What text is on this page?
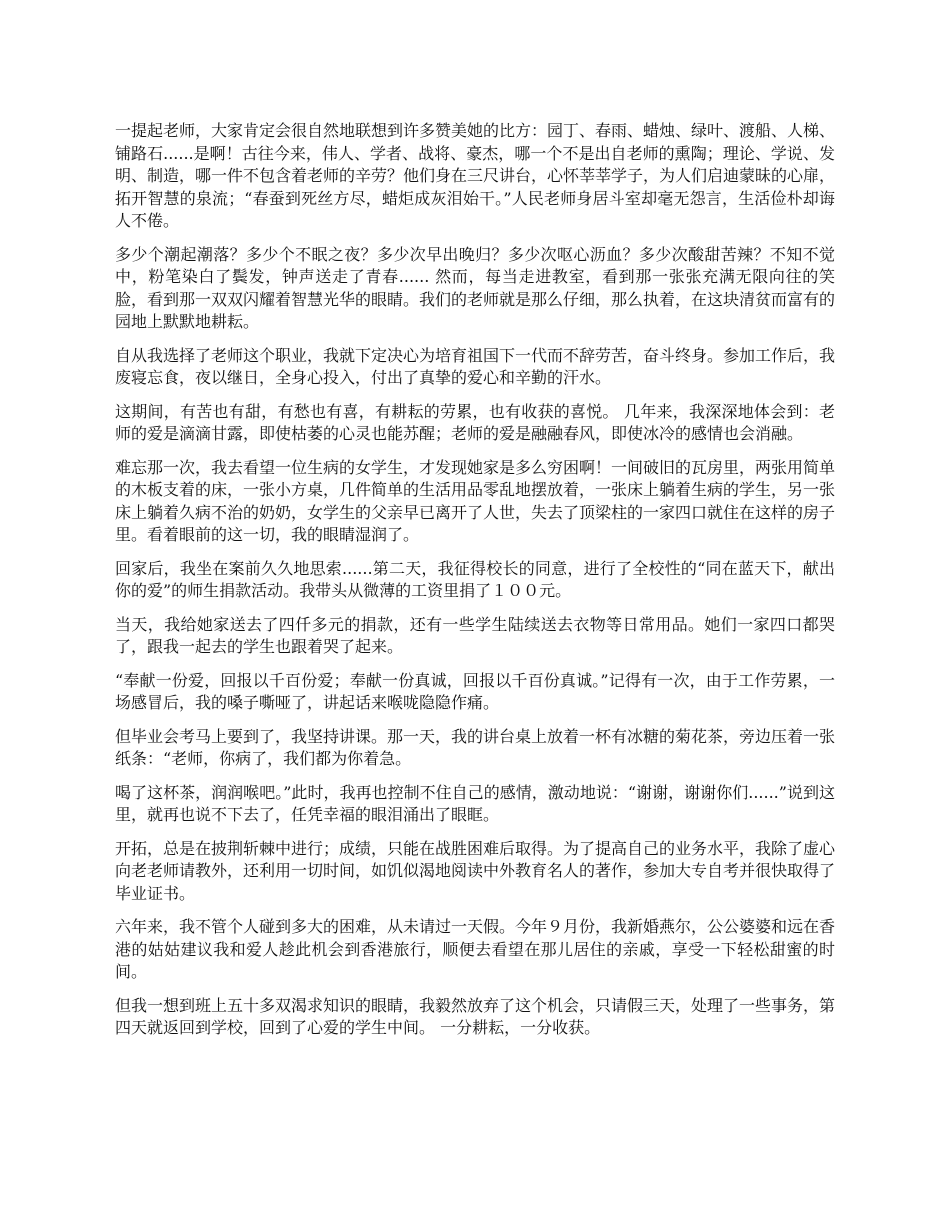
一提起老师，大家肯定会很自然地联想到许多赞美她的比方：园丁、春雨、蜡烛、绿叶、渡船、人梯、铺路石......是啊！古往今来，伟人、学者、战将、豪杰，哪一个不是出自老师的熏陶；理论、学说、发明、制造，哪一件不包含着老师的辛劳？他们身在三尺讲台，心怀莘莘学子，为人们启迪蒙昧的心扉，拓开智慧的泉流；“春蚕到死丝方尽，蜡炬成灰泪始干。”人民老师身居斗室却毫无怨言，生活俭朴却诲人不倦。

多少个潮起潮落？多少个不眠之夜？多少次早出晚归？多少次呕心沥血？多少次酸甜苦辣？不知不觉中，粉笔染白了鬓发，钟声送走了青春...... 然而，每当走进教室，看到那一张张充满无限向往的笑脸，看到那一双双闪耀着智慧光华的眼睛。我们的老师就是那么仔细，那么执着，在这块清贫而富有的园地上默默地耕耘。

自从我选择了老师这个职业，我就下定决心为培育祖国下一代而不辞劳苦，奋斗终身。参加工作后，我废寝忘食，夜以继日，全身心投入，付出了真挚的爱心和辛勤的汗水。

这期间，有苦也有甜，有愁也有喜，有耕耘的劳累，也有收获的喜悦。 几年来，我深深地体会到：老师的爱是滴滴甘露，即使枯萎的心灵也能苏醒；老师的爱是融融春风，即使冰冷的感情也会消融。

难忘那一次，我去看望一位生病的女学生，才发现她家是多么穷困啊！一间破旧的瓦房里，两张用简单的木板支着的床，一张小方桌，几件简单的生活用品零乱地摆放着，一张床上躺着生病的学生，另一张床上躺着久病不治的奶奶，女学生的父亲早已离开了人世，失去了顶梁柱的一家四口就住在这样的房子里。看着眼前的这一切，我的眼睛湿润了。

回家后，我坐在案前久久地思索......第二天，我征得校长的同意，进行了全校性的“同在蓝天下，献出你的爱”的师生捐款活动。我带头从微薄的工资里捐了１００元。

当天，我给她家送去了四仟多元的捐款，还有一些学生陆续送去衣物等日常用品。她们一家四口都哭了，跟我一起去的学生也跟着哭了起来。

“奉献一份爱，回报以千百份爱；奉献一份真诚，回报以千百份真诚。”记得有一次，由于工作劳累，一场感冒后，我的嗓子嘶哑了，讲起话来喉咙隐隐作痛。

但毕业会考马上要到了，我坚持讲课。那一天，我的讲台桌上放着一杯有冰糖的菊花茶，旁边压着一张纸条：“老师，你病了，我们都为你着急。

喝了这杯茶，润润喉吧。”此时，我再也控制不住自己的感情，激动地说：“谢谢，谢谢你们......”说到这里，就再也说不下去了，任凭幸福的眼泪涌出了眼眶。

开拓，总是在披荆斩棘中进行；成绩，只能在战胜困难后取得。为了提高自己的业务水平，我除了虚心向老老师请教外，还利用一切时间，如饥似渴地阅读中外教育名人的著作，参加大专自考并很快取得了毕业证书。

六年来，我不管个人碰到多大的困难，从未请过一天假。今年９月份，我新婚燕尔，公公婆婆和远在香港的姑姑建议我和爱人趁此机会到香港旅行，顺便去看望在那儿居住的亲戚，享受一下轻松甜蜜的时间。

但我一想到班上五十多双渴求知识的眼睛，我毅然放弃了这个机会，只请假三天，处理了一些事务，第四天就返回到学校，回到了心爱的学生中间。 一分耕耘，一分收获。
